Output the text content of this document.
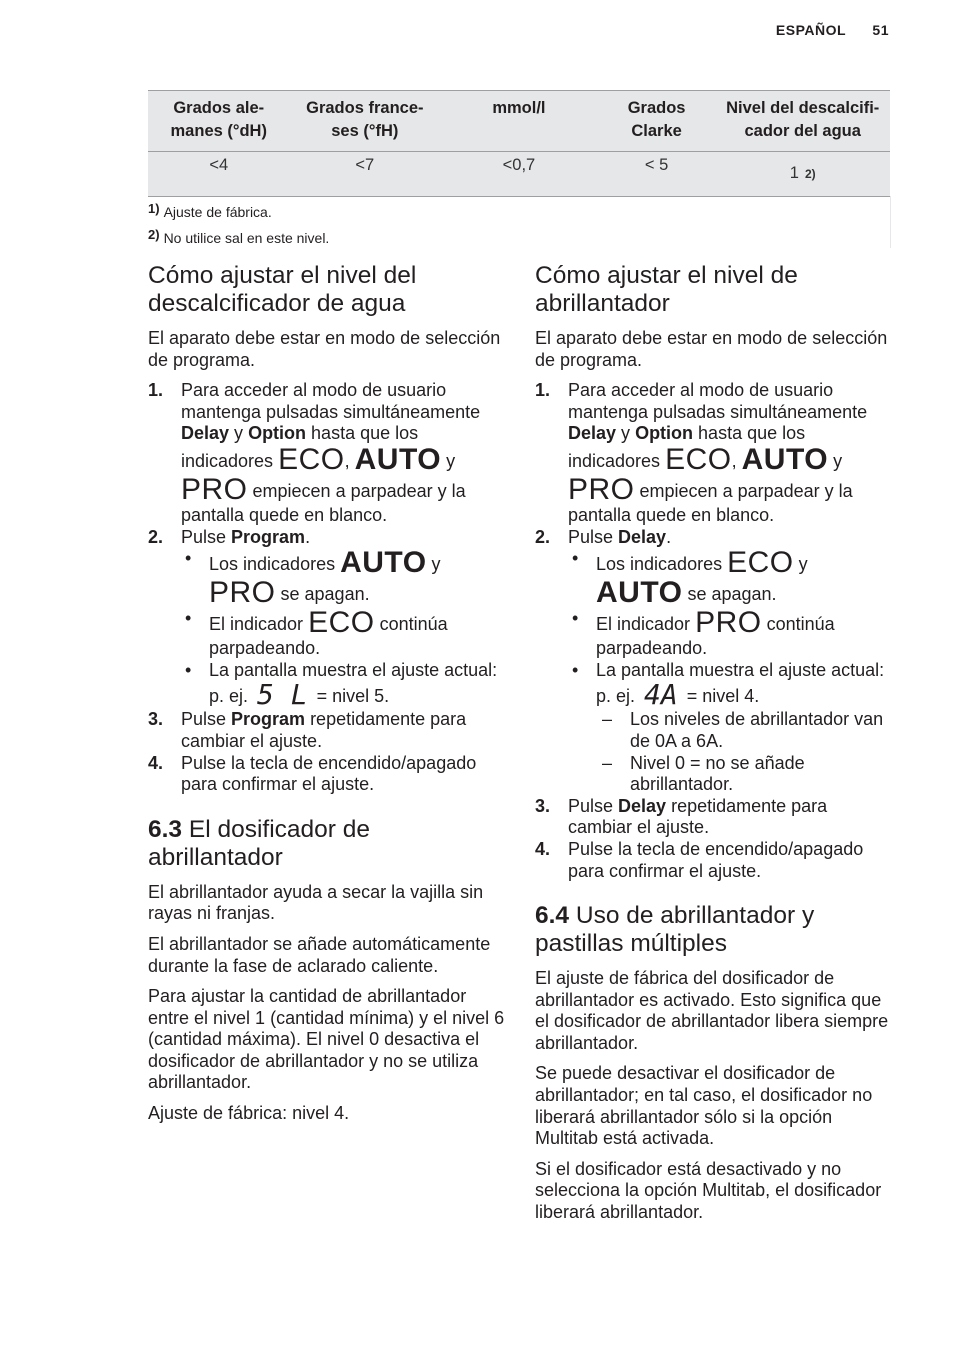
ESPAÑOL 51
Grados ale-manes (°dH)	Grados france-ses (°fH)	mmol/l	Grados Clarke	Nivel del descalcifi-cador del agua
<4	<7	<0,7	< 5	1 2)
1) Ajuste de fábrica.
2) No utilice sal en este nivel.
Cómo ajustar el nivel del descalcificador de agua

El aparato debe estar en modo de selección de programa.

1. Para acceder al modo de usuario mantenga pulsadas simultáneamente Delay y Option hasta que los indicadores ECO, AUTO y PRO empiecen a parpadear y la pantalla quede en blanco.
2. Pulse Program.
• Los indicadores AUTO y PRO se apagan.
• El indicador ECO continúa parpadeando.
• La pantalla muestra el ajuste actual: p. ej. 5 L = nivel 5.
3. Pulse Program repetidamente para cambiar el ajuste.
4. Pulse la tecla de encendido/apagado para confirmar el ajuste.
6.3 El dosificador de abrillantador

El abrillantador ayuda a secar la vajilla sin rayas ni franjas.

El abrillantador se añade automáticamente durante la fase de aclarado caliente.

Para ajustar la cantidad de abrillantador entre el nivel 1 (cantidad mínima) y el nivel 6 (cantidad máxima). El nivel 0 desactiva el dosificador de abrillantador y no se utiliza abrillantador.

Ajuste de fábrica: nivel 4.

Cómo ajustar el nivel de abrillantador

El aparato debe estar en modo de selección de programa.

1. Para acceder al modo de usuario mantenga pulsadas simultáneamente Delay y Option hasta que los indicadores ECO, AUTO y PRO empiecen a parpadear y la pantalla quede en blanco.
2. Pulse Delay.
• Los indicadores ECO y AUTO se apagan.
• El indicador PRO continúa parpadeando.
• La pantalla muestra el ajuste actual: p. ej. 4A = nivel 4.
– Los niveles de abrillantador van de 0A a 6A.
– Nivel 0 = no se añade abrillantador.
3. Pulse Delay repetidamente para cambiar el ajuste.
4. Pulse la tecla de encendido/apagado para confirmar el ajuste.
6.4 Uso de abrillantador y pastillas múltiples

El ajuste de fábrica del dosificador de abrillantador es activado. Esto significa que el dosificador de abrillantador libera siempre abrillantador.

Se puede desactivar el dosificador de abrillantador; en tal caso, el dosificador no liberará abrillantador sólo si la opción Multitab está activada.

Si el dosificador está desactivado y no selecciona la opción Multitab, el dosificador liberará abrillantador.
